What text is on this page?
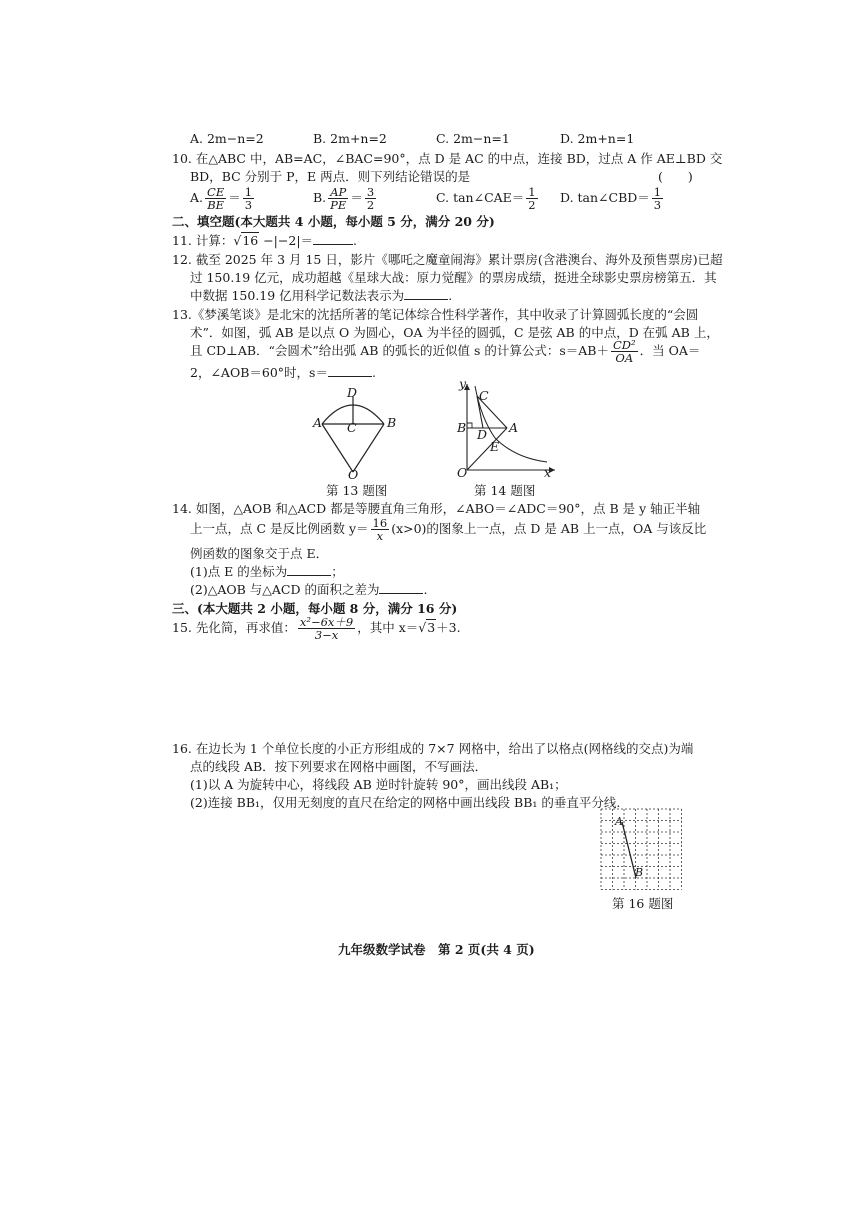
A. 2m−n=2	B. 2m+n=2	C. 2m−n=1	D. 2m+n=1
10. 在△ABC 中，AB=AC，∠BAC=90°，点 D 是 AC 的中点，连接 BD，过点 A 作 AE⊥BD 交
BD，BC 分别于 P，E 两点．则下列结论错误的是	(　　)
A. $\frac{CE}{BE} = \frac{1}{3}$	B. $\frac{AP}{PE} = \frac{3}{2}$	C. tan∠CAE＝ $\frac{1}{2} D$. tan∠CBD＝ $\frac{1}{3}$
二、填空题(本大题共 4 小题，每小题 5 分，满分 20 分)
11. 计算：√16 −|−2|＝	.
12. 截至 2025 年 3 月 15 日，影片《哪吒之魔童闹海》累计票房(含港澳台、海外及预售票房)已超
过 150.19 亿元，成功超越《星球大战：原力觉醒》的票房成绩，挺进全球影史票房榜第五．其
中数据 150.19 亿用科学记数法表示为	.
13.《梦溪笔谈》是北宋的沈括所著的笔记体综合性科学著作，其中收录了计算圆弧长度的“会圆
术”．如图，弧 AB 是以点 O 为圆心，OA 为半径的圆弧，C 是弦 AB 的中点，D 在弧 AB 上，
且 CD⊥AB．“会圆术”给出弧 AB 的弧长的近似值 s 的计算公式：$s=AB+ \frac{\text{CD²}}{OA}$ ．当 OA＝
2，∠AOB＝60°时，s＝	.
D
A	B
C
O
第 13 题图
y
C
A
B D
E
O	x
第 14 题图
14. 如图，△AOB 和△ACD 都是等腰直角三角形，∠ABO＝∠ADC＝90°，点 B 是 y 轴正半轴
上一点，点 C 是反比例函数 $y= \frac{16}{x} (x>0)$的图象上一点，点 D 是 AB 上一点，OA 与该反比
例函数的图象交于点 E．
(1)点 E 的坐标为	；
(2)△AOB 与△ACD 的面积之差为	.
三、(本大题共 2 小题，每小题 8 分，满分 16 分)
15. 先化简，再求值： $\frac{\text{x²−6x＋9}}{3-x}$ ，其中 x＝√3＋3.
16. 在边长为 1 个单位长度的小正方形组成的 7×7 网格中，给出了以格点(网格线的交点)为端
点的线段 AB．按下列要求在网格中画图，不写画法．
(1)以 A 为旋转中心，将线段 AB 逆时针旋转 90°，画出线段 AB₁；
(2)连接 BB₁，仅用无刻度的直尺在给定的网格中画出线段 BB₁ 的垂直平分线.
A
B
第 16 题图
九年级数学试卷　第 2 页(共 4 页)
